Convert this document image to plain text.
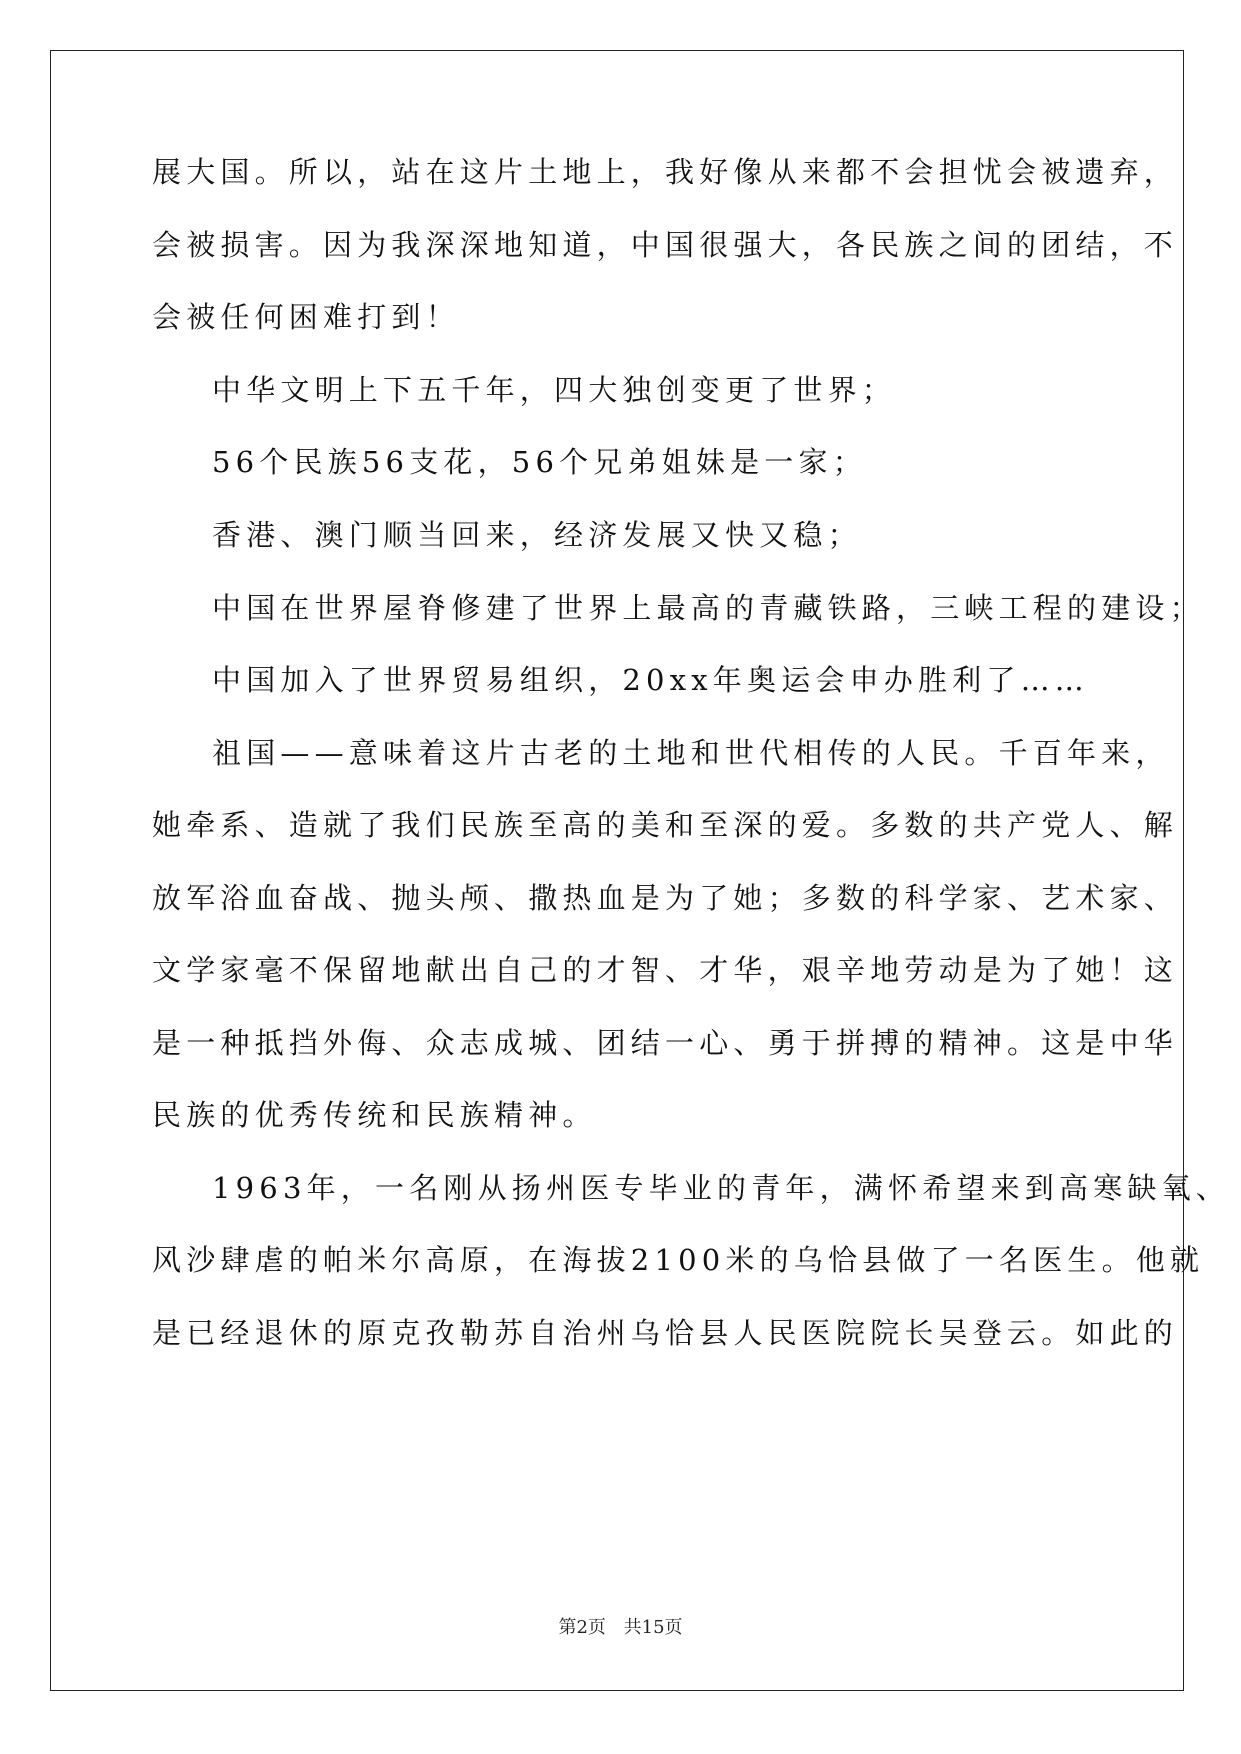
展大国。所以，站在这片土地上，我好像从来都不会担忧会被遗弃，
会被损害。因为我深深地知道，中国很强大，各民族之间的团结，不
会被任何困难打到！
中华文明上下五千年，四大独创变更了世界；
56个民族56支花，56个兄弟姐妹是一家；
香港、澳门顺当回来，经济发展又快又稳；
中国在世界屋脊修建了世界上最高的青藏铁路，三峡工程的建设；
中国加入了世界贸易组织，20xx年奥运会申办胜利了……
祖国——意味着这片古老的土地和世代相传的人民。千百年来，
她牵系、造就了我们民族至高的美和至深的爱。多数的共产党人、解
放军浴血奋战、抛头颅、撒热血是为了她；多数的科学家、艺术家、
文学家毫不保留地献出自己的才智、才华，艰辛地劳动是为了她！这
是一种抵挡外侮、众志成城、团结一心、勇于拼搏的精神。这是中华
民族的优秀传统和民族精神。
1963年，一名刚从扬州医专毕业的青年，满怀希望来到高寒缺氧、
风沙肆虐的帕米尔高原，在海拔2100米的乌恰县做了一名医生。他就
是已经退休的原克孜勒苏自治州乌恰县人民医院院长吴登云。如此的
第2页 共15页
